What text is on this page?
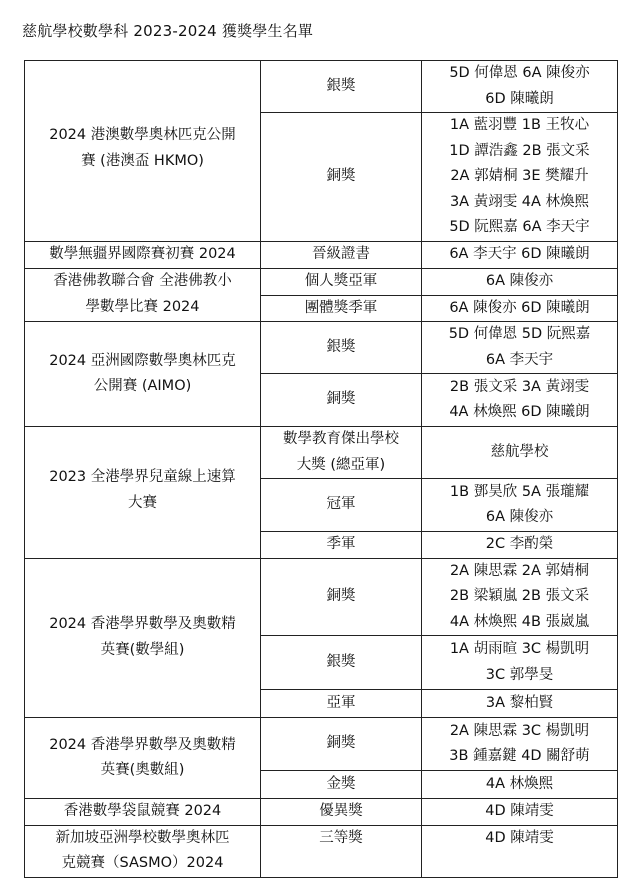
慈航學校數學科 2023-2024 獲獎學生名單
2024 港澳數學奧林匹克公開
賽 (港澳盃 HKMO)	銀獎	5D 何偉恩 6A 陳俊亦
6D 陳曦朗

	銅獎	1A 藍羽豐 1B 王牧心
1D 譚浩鑫 2B 張文采
2A 郭婧桐 3E 樊耀升
3A 黃翊雯 4A 林煥熙
5D 阮熙嘉 6A 李天宇

數學無疆界國際賽初賽 2024	晉級證書	6A 李天宇 6D 陳曦朗

香港佛教聯合會 全港佛教小
學數學比賽 2024	個人獎亞軍	6A 陳俊亦

	團體獎季軍	6A 陳俊亦 6D 陳曦朗

2024 亞洲國際數學奧林匹克
公開賽 (AIMO)	銀獎	5D 何偉恩 5D 阮熙嘉
6A 李天宇

	銅獎	2B 張文采 3A 黃翊雯
4A 林煥熙 6D 陳曦朗

2023 全港學界兒童線上速算
大賽	數學教育傑出學校
大獎 (總亞軍)	慈航學校

	冠軍	1B 鄧昊欣 5A 張瓏耀
6A 陳俊亦

	季軍	2C 李酌榮

2024 香港學界數學及奧數精
英賽(數學組)	銅獎	2A 陳思霖 2A 郭婧桐
2B 梁穎嵐 2B 張文采
4A 林煥熙 4B 張崴嵐

	銀獎	1A 胡雨暄 3C 楊凱明
3C 郭學旻

	亞軍	3A 黎柏賢

2024 香港學界數學及奧數精
英賽(奧數組)	銅獎	2A 陳思霖 3C 楊凱明
3B 鍾嘉鍵 4D 關舒萌

	金獎	4A 林煥熙

香港數學袋鼠競賽 2024	優異獎	4D 陳靖雯

新加坡亞洲學校數學奧林匹
克競賽（SASMO）2024	三等獎	4D 陳靖雯
